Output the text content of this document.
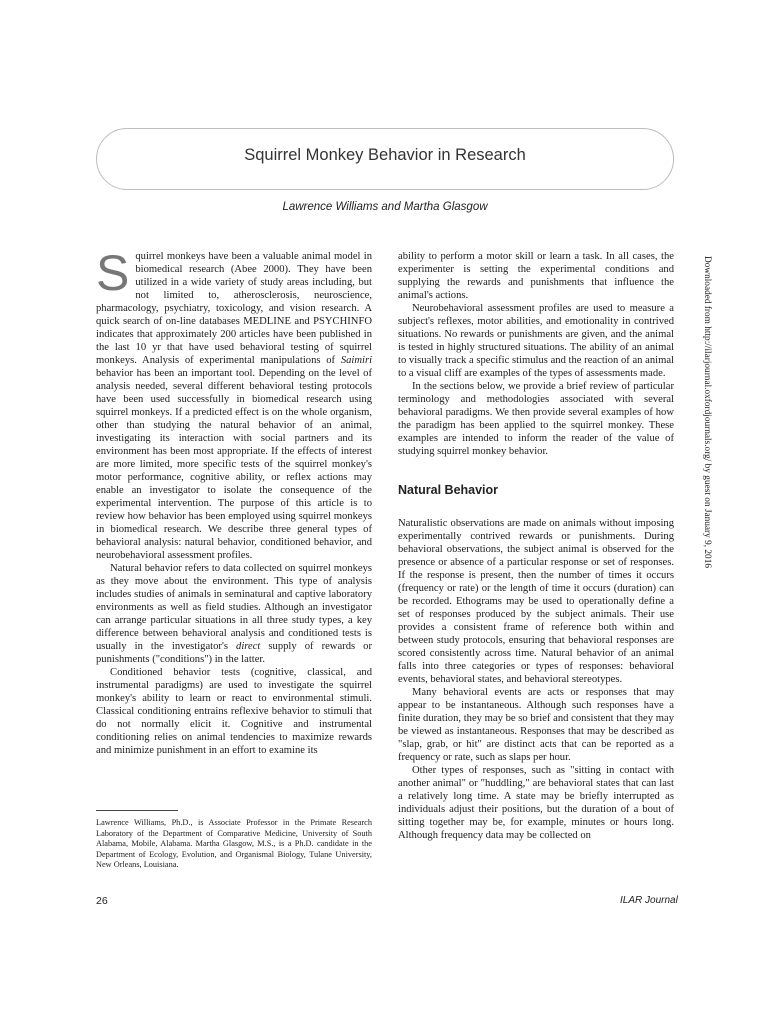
Squirrel Monkey Behavior in Research
Lawrence Williams and Martha Glasgow

Squirrel monkeys have been a valuable animal model in biomedical research (Abee 2000). They have been utilized in a wide variety of study areas including, but not limited to, atherosclerosis, neuroscience, pharmacology, psychiatry, toxicology, and vision research. A quick search of on-line databases MEDLINE and PSYCHINFO indicates that approximately 200 articles have been published in the last 10 yr that have used behavioral testing of squirrel monkeys. Analysis of experimental manipulations of Saimiri behavior has been an important tool. Depending on the level of analysis needed, several different behavioral testing protocols have been used successfully in biomedical research using squirrel monkeys. If a predicted effect is on the whole organism, other than studying the natural behavior of an animal, investigating its interaction with social partners and its environment has been most appropriate. If the effects of interest are more limited, more specific tests of the squirrel monkey's motor performance, cognitive ability, or reflex actions may enable an investigator to isolate the consequence of the experimental intervention. The purpose of this article is to review how behavior has been employed using squirrel monkeys in biomedical research. We describe three general types of behavioral analysis: natural behavior, conditioned behavior, and neurobehavioral assessment profiles.

Natural behavior refers to data collected on squirrel monkeys as they move about the environment. This type of analysis includes studies of animals in seminatural and captive laboratory environments as well as field studies. Although an investigator can arrange particular situations in all three study types, a key difference between behavioral analysis and conditioned tests is usually in the investigator's direct supply of rewards or punishments ("conditions") in the latter.

Conditioned behavior tests (cognitive, classical, and instrumental paradigms) are used to investigate the squirrel monkey's ability to learn or react to environmental stimuli. Classical conditioning entrains reflexive behavior to stimuli that do not normally elicit it. Cognitive and instrumental conditioning relies on animal tendencies to maximize rewards and minimize punishment in an effort to examine its

Lawrence Williams, Ph.D., is Associate Professor in the Primate Research Laboratory of the Department of Comparative Medicine, University of South Alabama, Mobile, Alabama. Martha Glasgow, M.S., is a Ph.D. candidate in the Department of Ecology, Evolution, and Organismal Biology, Tulane University, New Orleans, Louisiana.

ability to perform a motor skill or learn a task. In all cases, the experimenter is setting the experimental conditions and supplying the rewards and punishments that influence the animal's actions.

Neurobehavioral assessment profiles are used to measure a subject's reflexes, motor abilities, and emotionality in contrived situations. No rewards or punishments are given, and the animal is tested in highly structured situations. The ability of an animal to visually track a specific stimulus and the reaction of an animal to a visual cliff are examples of the types of assessments made.

In the sections below, we provide a brief review of particular terminology and methodologies associated with several behavioral paradigms. We then provide several examples of how the paradigm has been applied to the squirrel monkey. These examples are intended to inform the reader of the value of studying squirrel monkey behavior.

Natural Behavior

Naturalistic observations are made on animals without imposing experimentally contrived rewards or punishments. During behavioral observations, the subject animal is observed for the presence or absence of a particular response or set of responses. If the response is present, then the number of times it occurs (frequency or rate) or the length of time it occurs (duration) can be recorded. Ethograms may be used to operationally define a set of responses produced by the subject animals. Their use provides a consistent frame of reference both within and between study protocols, ensuring that behavioral responses are scored consistently across time. Natural behavior of an animal falls into three categories or types of responses: behavioral events, behavioral states, and behavioral stereotypes.

Many behavioral events are acts or responses that may appear to be instantaneous. Although such responses have a finite duration, they may be so brief and consistent that they may be viewed as instantaneous. Responses that may be described as "slap, grab, or hit" are distinct acts that can be reported as a frequency or rate, such as slaps per hour.

Other types of responses, such as "sitting in contact with another animal" or "huddling," are behavioral states that can last a relatively long time. A state may be briefly interrupted as individuals adjust their positions, but the duration of a bout of sitting together may be, for example, minutes or hours long. Although frequency data may be collected on

26	ILAR Journal
Downloaded from http://ilarjournal.oxfordjournals.org/ by guest on January 9, 2016
